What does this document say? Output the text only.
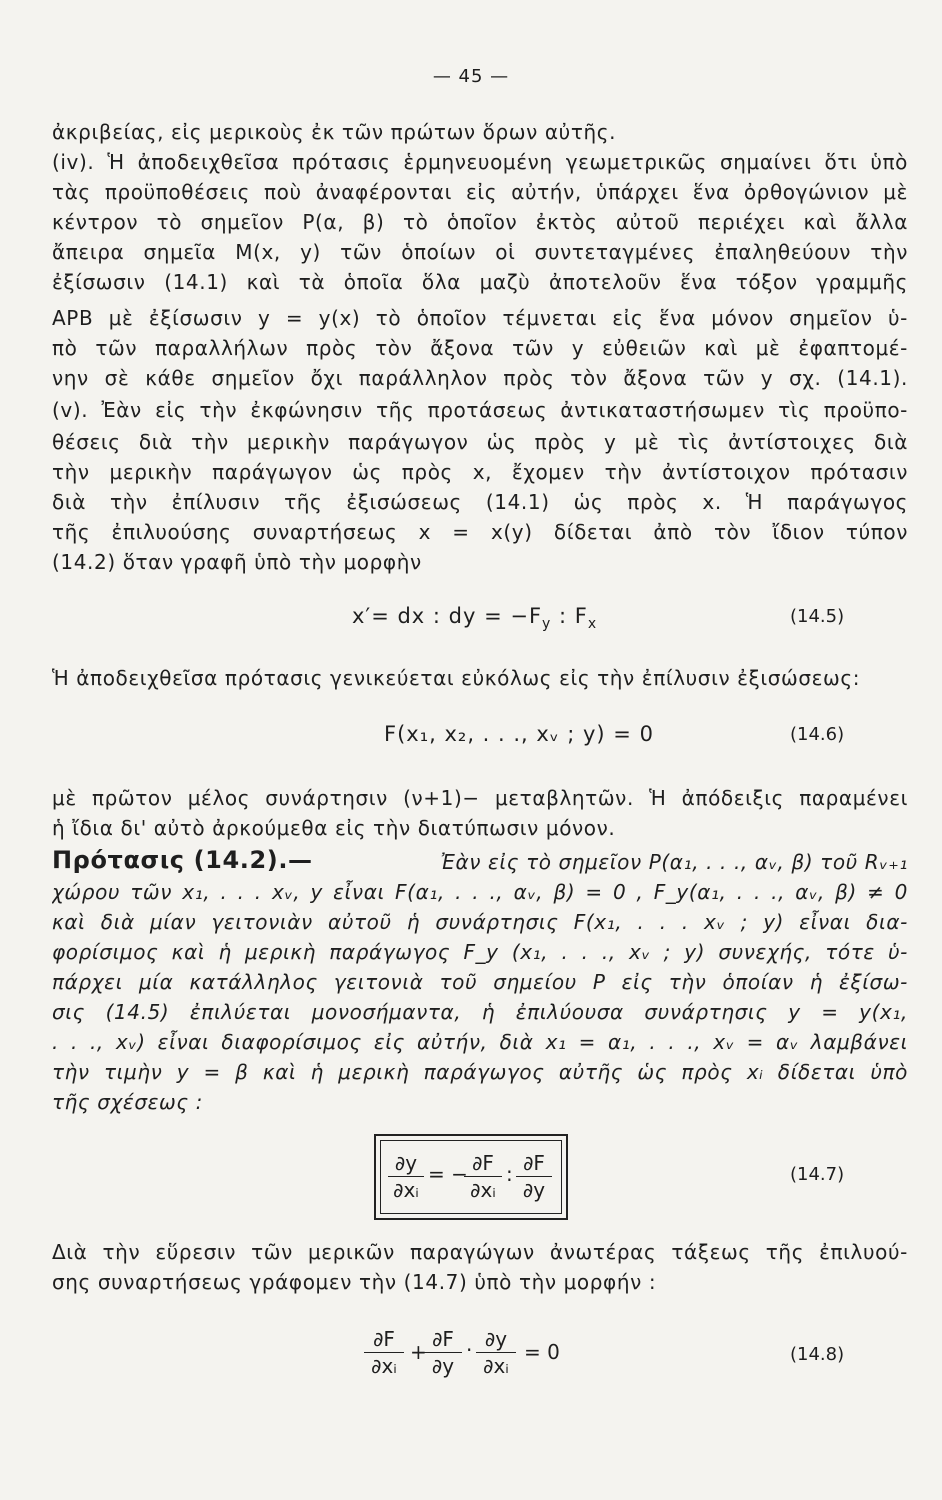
— 45 —
ἀκριβείας, εἰς μερικοὺς ἐκ τῶν πρώτων ὅρων αὐτῆς.
(iv). Ἡ ἀποδειχθεῖσα πρότασις ἑρμηνευομένη γεωμετρικῶς σημαίνει ὅτι ὑπὸ
τὰς προϋποθέσεις ποὺ ἀναφέρονται εἰς αὐτήν, ὑπάρχει ἕνα ὀρθογώνιον μὲ
κέντρον τὸ σημεῖον P(α, β) τὸ ὁποῖον ἐκτὸς αὐτοῦ περιέχει καὶ ἄλλα
ἄπειρα σημεῖα M(x, y) τῶν ὁποίων οἱ συντεταγμένες ἐπαληθεύουν τὴν
ἐξίσωσιν (14.1) καὶ τὰ ὁποῖα ὅλα μαζὺ ἀποτελοῦν ἕνα τόξον γραμμῆς
APB μὲ ἐξίσωσιν y = y(x) τὸ ὁποῖον τέμνεται εἰς ἕνα μόνον σημεῖον ὑ-
πὸ τῶν παραλλήλων πρὸς τὸν ἄξονα τῶν y εὐθειῶν καὶ μὲ ἐφαπτομέ-
νην σὲ κάθε σημεῖον ὄχι παράλληλον πρὸς τὸν ἄξονα τῶν y σχ. (14.1).
(v). Ἐὰν εἰς τὴν ἐκφώνησιν τῆς προτάσεως ἀντικαταστήσωμεν τὶς προϋπο-
θέσεις διὰ τὴν μερικὴν παράγωγον ὡς πρὸς y μὲ τὶς ἀντίστοιχες διὰ
τὴν μερικὴν παράγωγον ὡς πρὸς x, ἔχομεν τὴν ἀντίστοιχον πρότασιν
διὰ τὴν ἐπίλυσιν τῆς ἐξισώσεως (14.1) ὡς πρὸς x. Ἡ παράγωγος
τῆς ἐπιλυούσης συναρτήσεως x = x(y) δίδεται ἀπὸ τὸν ἴδιον τύπον
(14.2) ὅταν γραφῆ ὑπὸ τὴν μορφὴν
x′= dx : dy = $-F_y$ : $F_x$	(14.5)
Ἡ ἀποδειχθεῖσα πρότασις γενικεύεται εὐκόλως εἰς τὴν ἐπίλυσιν ἐξισώσεως:
F(x₁, x₂, . . ., xᵥ ; y) = 0	(14.6)
μὲ πρῶτον μέλος συνάρτησιν (ν+1)− μεταβλητῶν. Ἡ ἀπόδειξις παραμένει
ἡ ἴδια δι' αὐτὸ ἀρκούμεθα εἰς τὴν διατύπωσιν μόνον.
Πρότασις (14.2).—	Ἐὰν εἰς τὸ σημεῖον P(α₁, . . ., αᵥ, β) τοῦ Rᵥ₊₁
χώρου τῶν x₁, . . . xᵥ, y εἶναι F(α₁, . . ., αᵥ, β) = 0 , F_y(α₁, . . ., αᵥ, β) ≠ 0
καὶ διὰ μίαν γειτονιὰν αὐτοῦ ἡ συνάρτησις F(x₁, . . . xᵥ ; y) εἶναι δια-
φορίσιμος καὶ ἡ μερικὴ παράγωγος F_y (x₁, . . ., xᵥ ; y) συνεχής, τότε ὑ-
πάρχει μία κατάλληλος γειτονιὰ τοῦ σημείου P εἰς τὴν ὁποίαν ἡ ἐξίσω-
σις (14.5) ἐπιλύεται μονοσήμαντα, ἡ ἐπιλύουσα συνάρτησις y = y(x₁,
. . ., xᵥ) εἶναι διαφορίσιμος εἰς αὐτήν, διὰ x₁ = α₁, . . ., xᵥ = αᵥ λαμβάνει
τὴν τιμὴν y = β καὶ ἡ μερικὴ παράγωγος αὐτῆς ὡς πρὸς xᵢ δίδεται ὑπὸ
τῆς σχέσεως :
$\frac{\partial y}{\text{∂xᵢ}}$ = −
$\frac{\partial F}{\text{∂xᵢ}}$ : $\frac{\partial F}{\partial y}$	(14.7)
Διὰ τὴν εὕρεσιν τῶν μερικῶν παραγώγων ἀνωτέρας τάξεως τῆς ἐπιλυού-
σης συναρτήσεως γράφομεν τὴν (14.7) ὑπὸ τὴν μορφήν :
$\frac{\partial F}{\text{∂xᵢ}}$ +
$\frac{\partial F}{\partial y} \cdot \frac{\partial y}{\text{∂xᵢ}} = 0$	(14.8)
